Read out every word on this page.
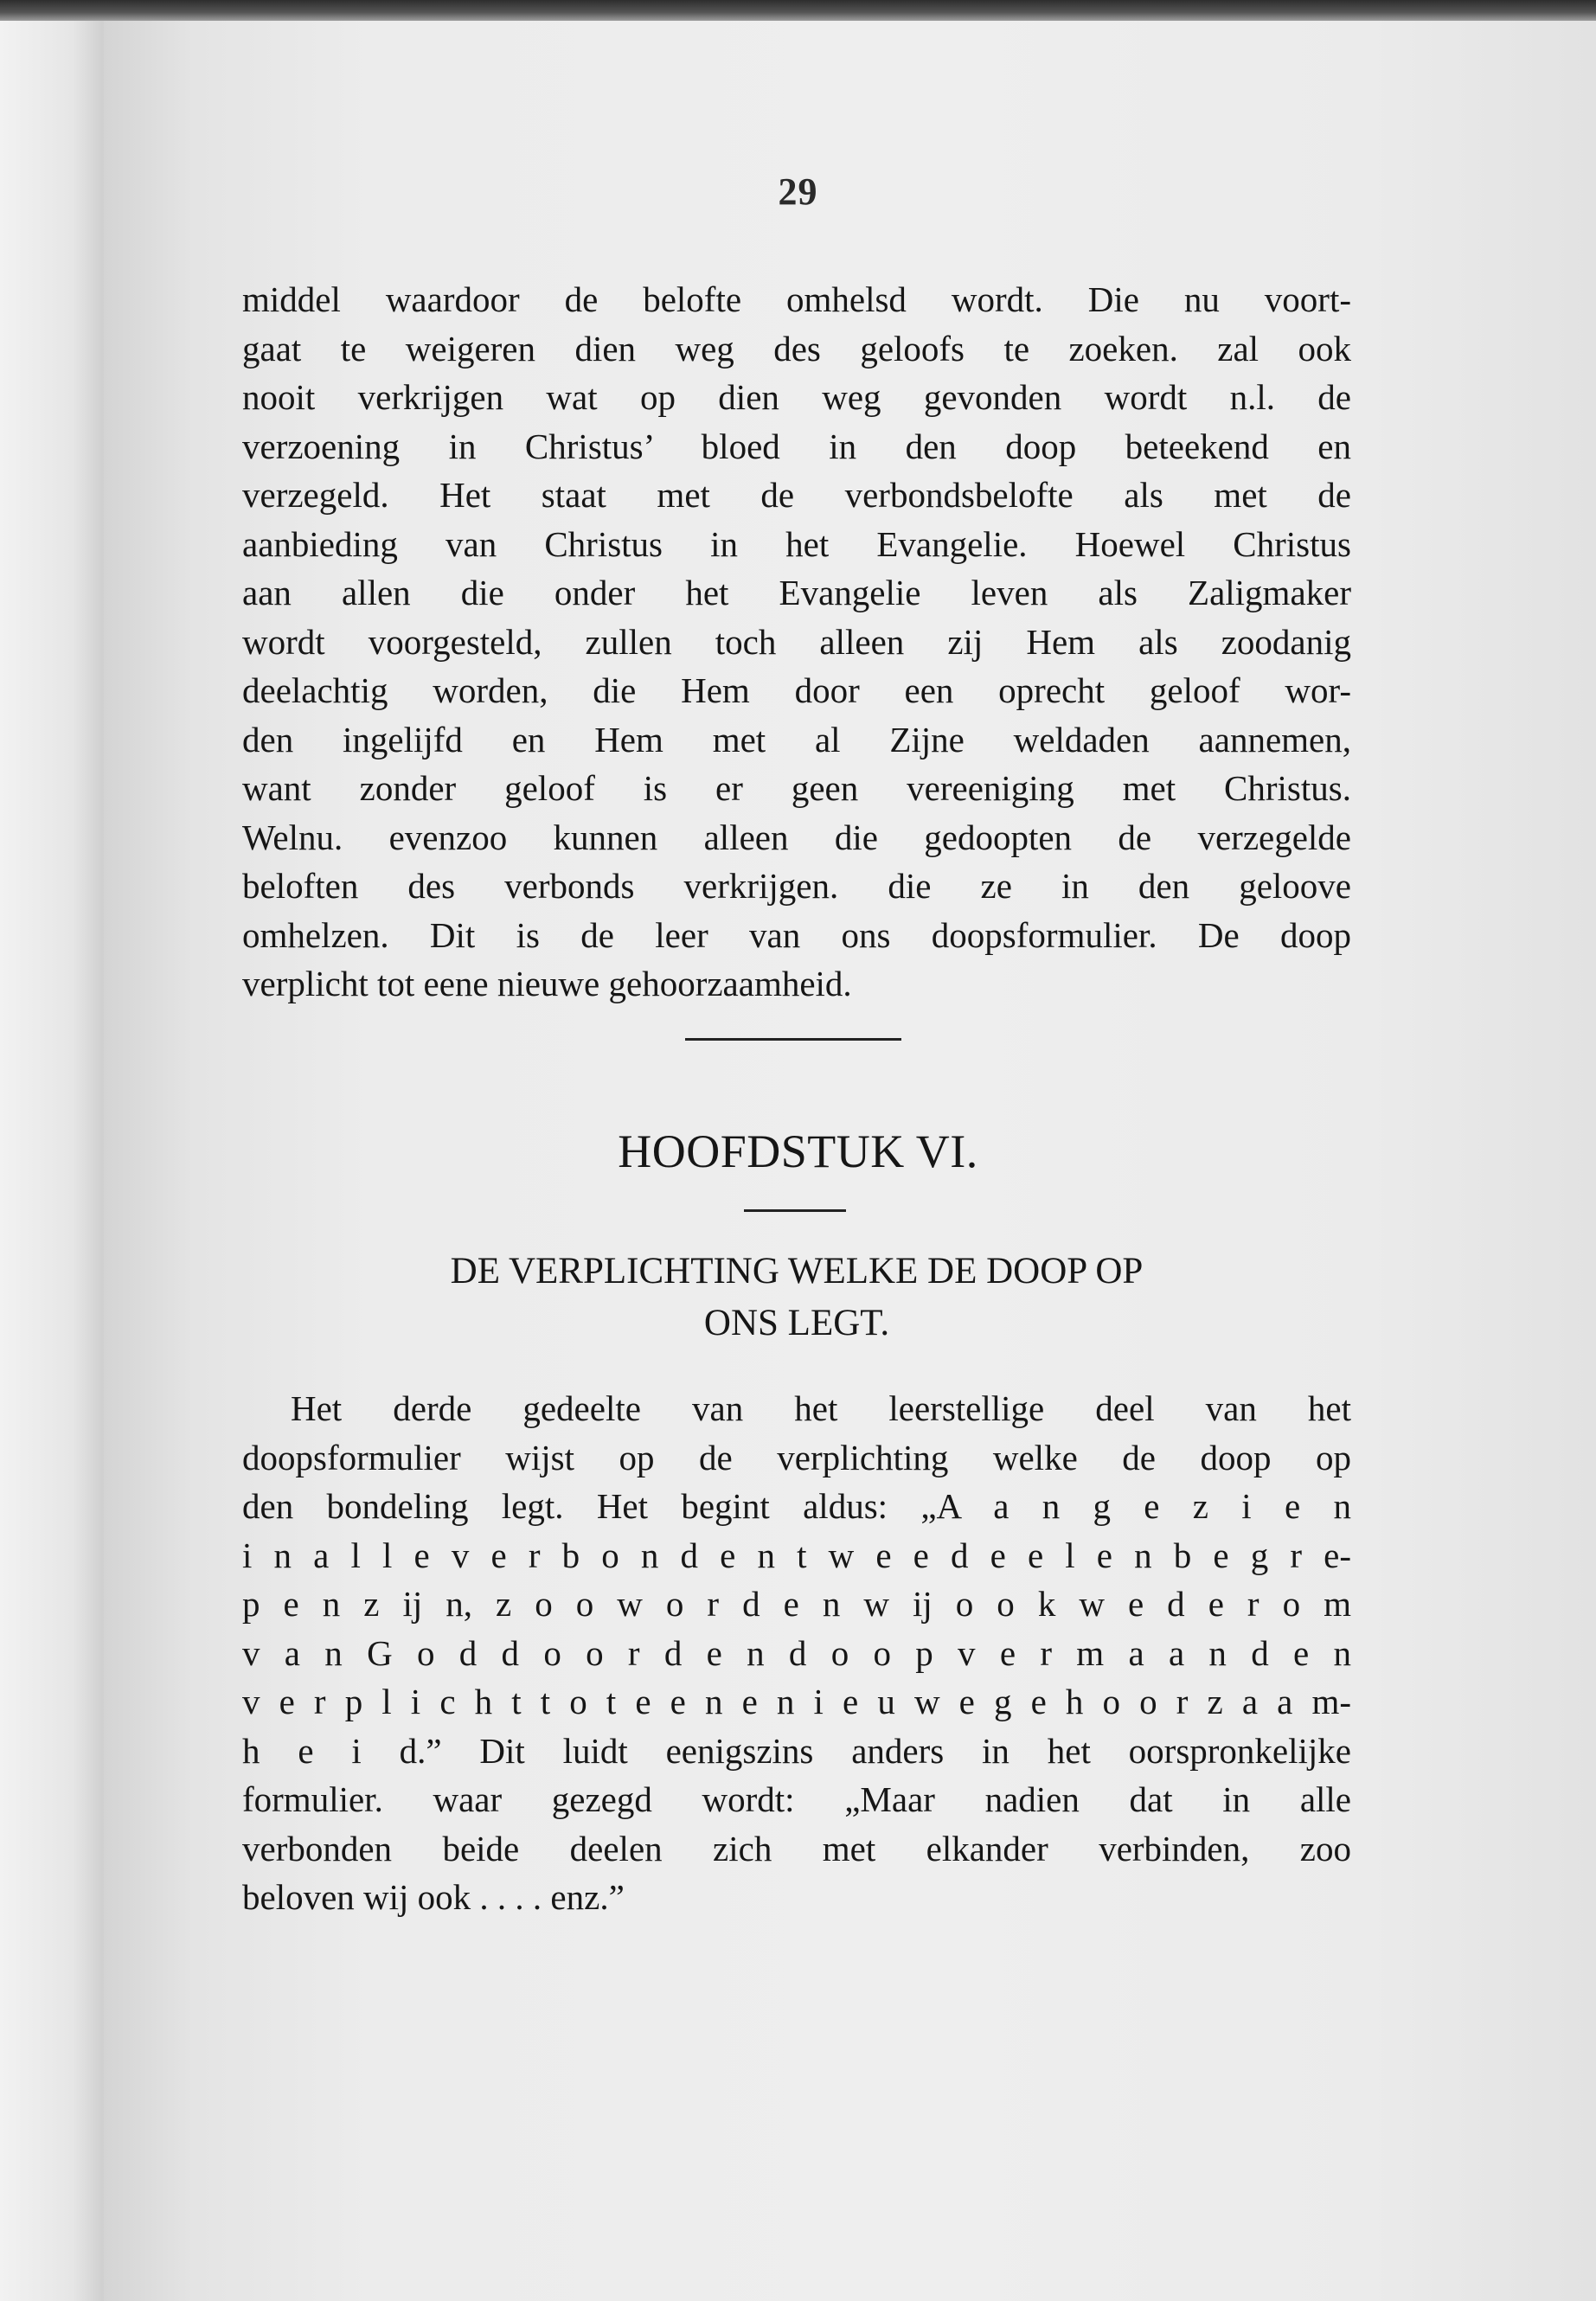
29
middel waardoor de belofte omhelsd wordt. Die nu voort-
gaat te weigeren dien weg des geloofs te zoeken. zal ook
nooit verkrijgen wat op dien weg gevonden wordt n.l. de
verzoening in Christus’ bloed in den doop beteekend en
verzegeld. Het staat met de verbondsbelofte als met de
aanbieding van Christus in het Evangelie. Hoewel Christus
aan allen die onder het Evangelie leven als Zaligmaker
wordt voorgesteld, zullen toch alleen zij Hem als zoodanig
deelachtig worden, die Hem door een oprecht geloof wor-
den ingelijfd en Hem met al Zijne weldaden aannemen,
want zonder geloof is er geen vereeniging met Christus.
Welnu. evenzoo kunnen alleen die gedoopten de verzegelde
beloften des verbonds verkrijgen. die ze in den geloove
omhelzen. Dit is de leer van ons doopsformulier. De doop
verplicht tot eene nieuwe gehoorzaamheid.
HOOFDSTUK VI.
DE VERPLICHTING WELKE DE DOOP OP
ONS LEGT.
Het derde gedeelte van het leerstellige deel van het
doopsformulier wijst op de verplichting welke de doop op
den bondeling legt. Het begint aldus: „A a n g e z i e n
i n a l l e v e r b o n d e n t w e e d e e l e n b e g r e-
p e n z ij n, z o o w o r d e n w ij o o k w e d e r o m
v a n G o d d o o r d e n d o o p v e r m a a n d e n
v e r p l i c h t t o t e e n e n i e u w e g e h o o r z a a m-
h e i d.” Dit luidt eenigszins anders in het oorspronkelijke
formulier. waar gezegd wordt: „Maar nadien dat in alle
verbonden beide deelen zich met elkander verbinden, zoo
beloven wij ook . . . . enz.”
